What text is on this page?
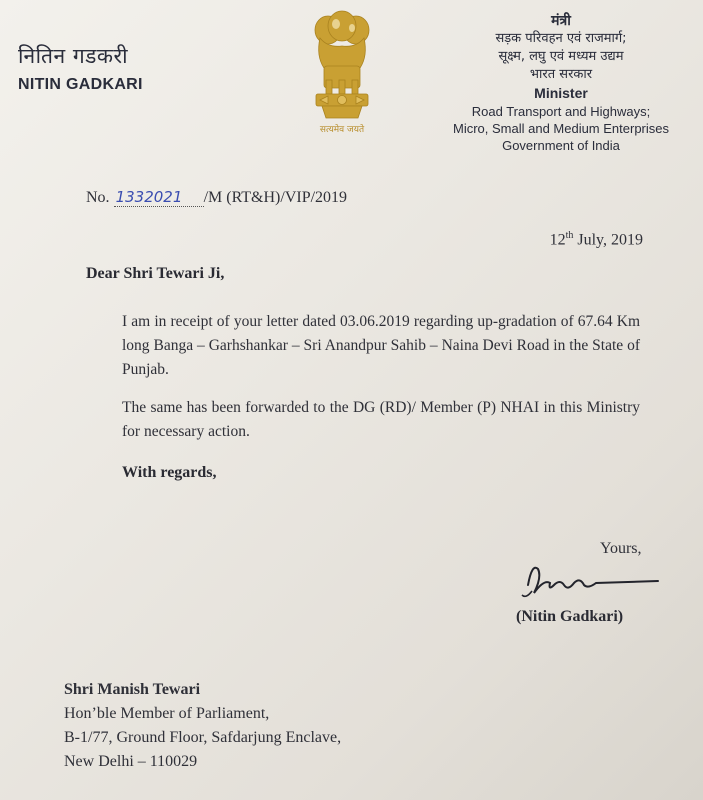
नितिन गडकरी
NITIN GADKARI
सत्यमेव जयते
मंत्री
सड़क परिवहन एवं राजमार्ग;
सूक्ष्म, लघु एवं मध्यम उद्यम
भारत सरकार
Minister
Road Transport and Highways;
Micro, Small and Medium Enterprises
Government of India
No. 1332021 /M (RT&H)/VIP/2019
12th July, 2019
Dear Shri Tewari Ji,
I am in receipt of your letter dated 03.06.2019 regarding up-gradation of 67.64 Km long Banga – Garhshankar – Sri Anandpur Sahib – Naina Devi Road in the State of Punjab.
The same has been forwarded to the DG (RD)/ Member (P) NHAI in this Ministry for necessary action.
With regards,
Yours,
(Nitin Gadkari)
Shri Manish Tewari
Hon’ble Member of Parliament,
B-1/77, Ground Floor, Safdarjung Enclave,
New Delhi – 110029
